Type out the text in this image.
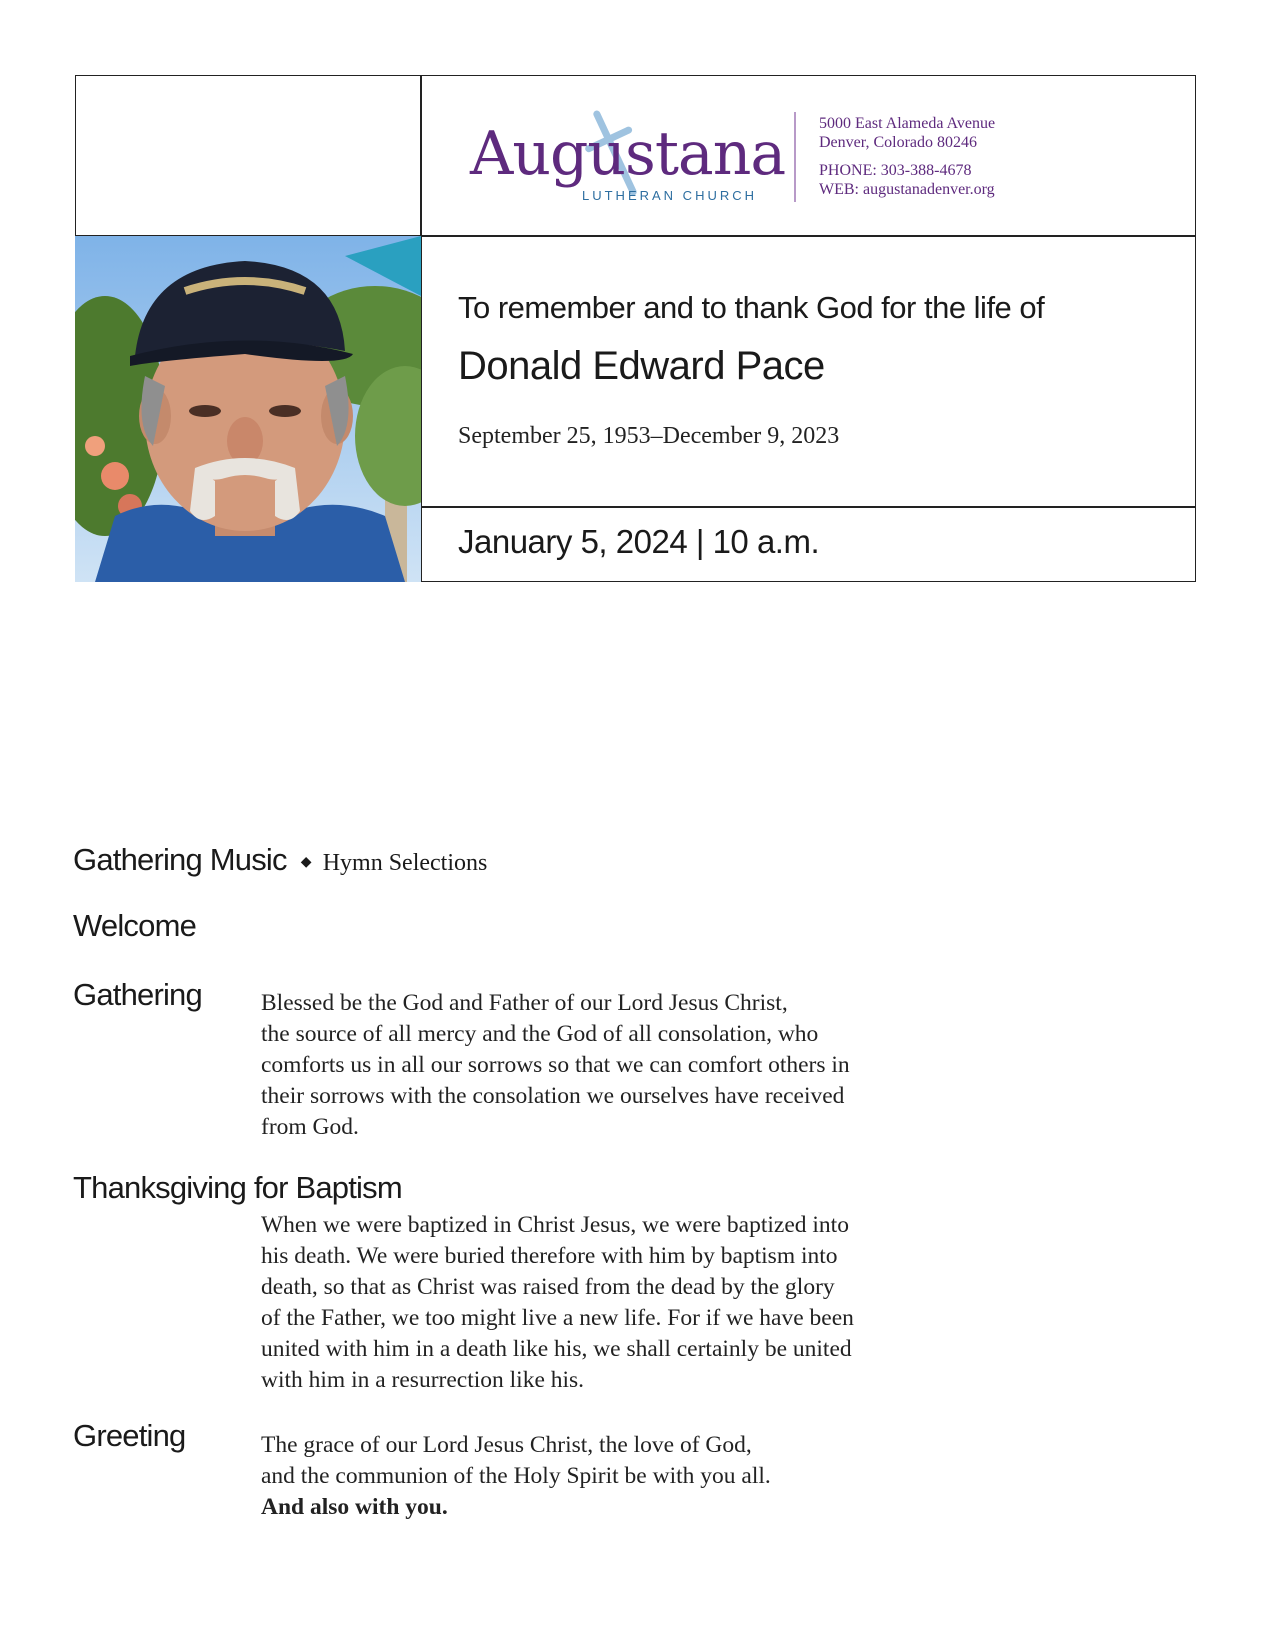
Augustana
LUTHERAN CHURCH
5000 East Alameda Avenue
Denver, Colorado 80246
PHONE: 303-388-4678
WEB: augustanadenver.org
To remember and to thank God for the life of
Donald Edward Pace
September 25, 1953–December 9, 2023
January 5, 2024 | 10 a.m.
Gathering Music ◆ Hymn Selections
Welcome
Gathering	Blessed be the God and Father of our Lord Jesus Christ,

the source of all mercy and the God of all consolation, who

comforts us in all our sorrows so that we can comfort others in

their sorrows with the consolation we ourselves have received

from God.

Thanksgiving for Baptism

When we were baptized in Christ Jesus, we were baptized into

his death. We were buried therefore with him by baptism into

death, so that as Christ was raised from the dead by the glory

of the Father, we too might live a new life. For if we have been

united with him in a death like his, we shall certainly be united

with him in a resurrection like his.

Greeting	The grace of our Lord Jesus Christ, the love of God,

and the communion of the Holy Spirit be with you all.

And also with you.
